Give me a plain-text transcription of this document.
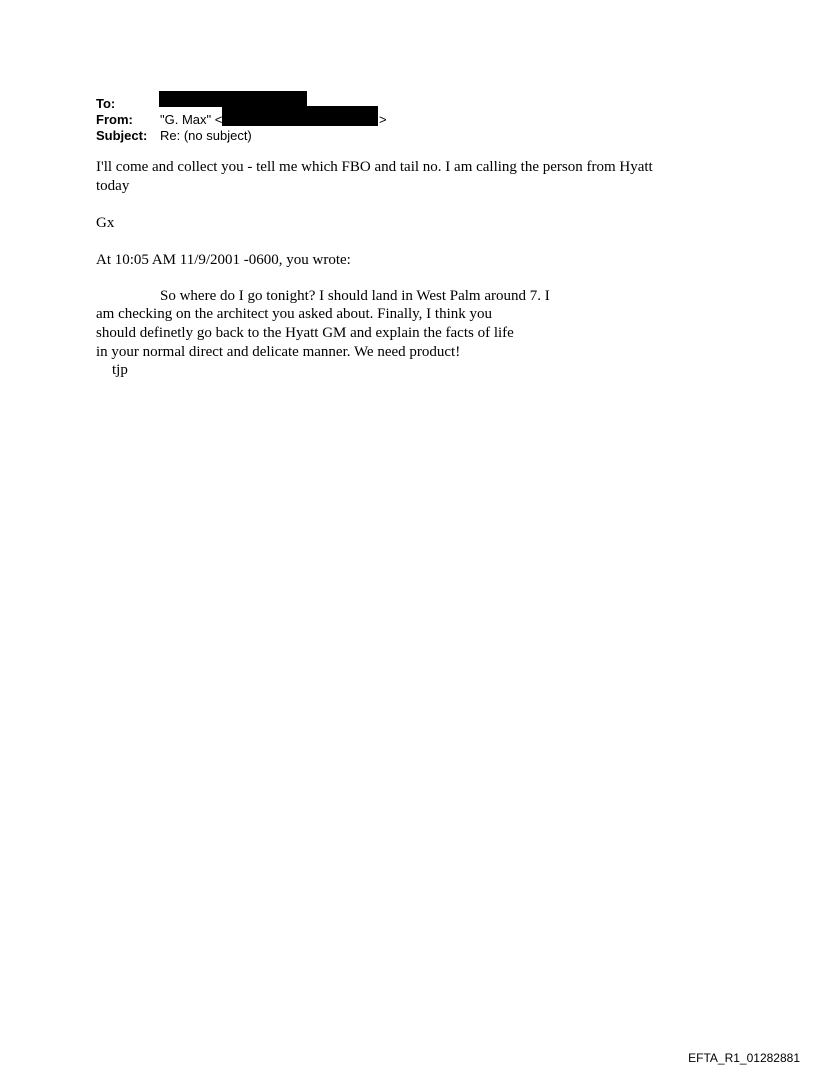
To:
From: "G. Max" <	>
Subject: Re: (no subject)
I'll come and collect you - tell me which FBO and tail no. I am calling the person from Hyatt
today
Gx
At 10:05 AM 11/9/2001 -0600, you wrote:
So where do I go tonight? I should land in West Palm around 7. I
am checking on the architect you asked about. Finally, I think you
should definetly go back to the Hyatt GM and explain the facts of life
in your normal direct and delicate manner. We need product!
tjp
EFTA_R1_01282881
